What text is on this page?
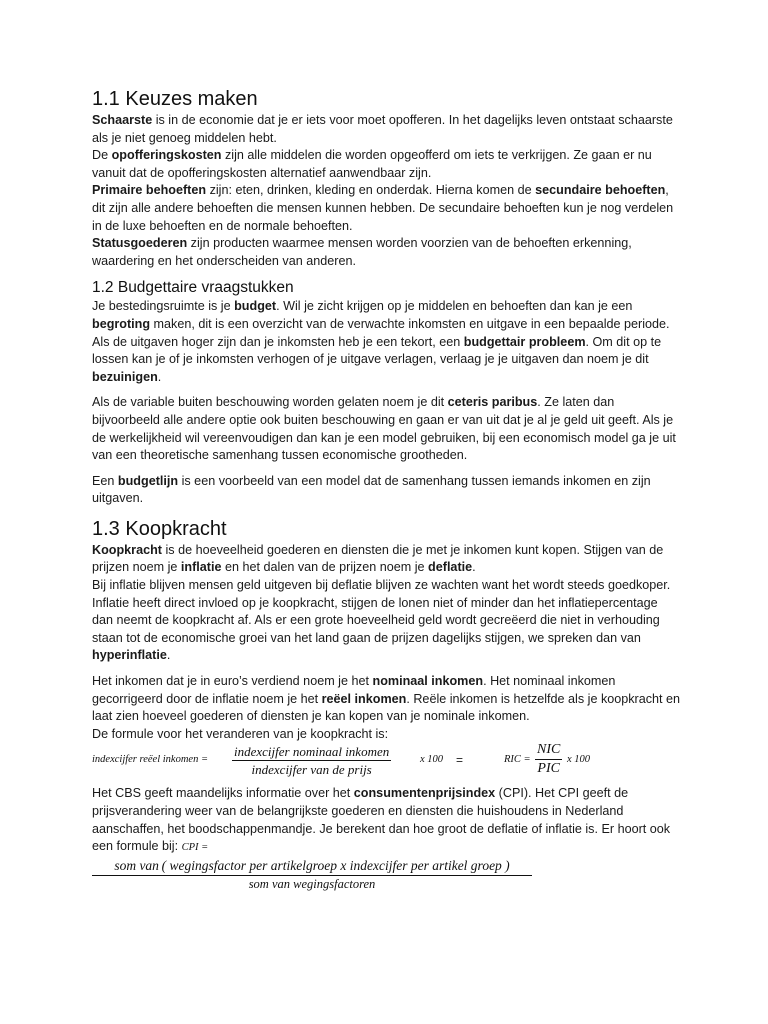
1.1 Keuzes maken

Schaarste is in de economie dat je er iets voor moet opofferen. In het dagelijks leven ontstaat schaarste als je niet genoeg middelen hebt.

De opofferingskosten zijn alle middelen die worden opgeofferd om iets te verkrijgen. Ze gaan er nu vanuit dat de opofferingskosten alternatief aanwendbaar zijn.

Primaire behoeften zijn: eten, drinken, kleding en onderdak. Hierna komen de secundaire behoeften, dit zijn alle andere behoeften die mensen kunnen hebben. De secundaire behoeften kun je nog verdelen in de luxe behoeften en de normale behoeften.

Statusgoederen zijn producten waarmee mensen worden voorzien van de behoeften erkenning, waardering en het onderscheiden van anderen.

1.2 Budgettaire vraagstukken

Je bestedingsruimte is je budget. Wil je zicht krijgen op je middelen en behoeften dan kan je een begroting maken, dit is een overzicht van de verwachte inkomsten en uitgave in een bepaalde periode. Als de uitgaven hoger zijn dan je inkomsten heb je een tekort, een budgettair probleem. Om dit op te lossen kan je of je inkomsten verhogen of je uitgave verlagen, verlaag je je uitgaven dan noem je dit bezuinigen.

Als de variable buiten beschouwing worden gelaten noem je dit ceteris paribus. Ze laten dan bijvoorbeeld alle andere optie ook buiten beschouwing en gaan er van uit dat je al je geld uit geeft. Als je de werkelijkheid wil vereenvoudigen dan kan je een model gebruiken, bij een economisch model ga je uit van een theoretische samenhang tussen economische grootheden.

Een budgetlijn is een voorbeeld van een model dat de samenhang tussen iemands inkomen en zijn uitgaven.

1.3 Koopkracht

Koopkracht is de hoeveelheid goederen en diensten die je met je inkomen kunt kopen. Stijgen van de prijzen noem je inflatie en het dalen van de prijzen noem je deflatie.

Bij inflatie blijven mensen geld uitgeven bij deflatie blijven ze wachten want het wordt steeds goedkoper. Inflatie heeft direct invloed op je koopkracht, stijgen de lonen niet of minder dan het inflatiepercentage dan neemt de koopkracht af. Als er een grote hoeveelheid geld wordt gecreëerd die niet in verhouding staan tot de economische groei van het land gaan de prijzen dagelijks stijgen, we spreken dan van hyperinflatie.

Het inkomen dat je in euro’s verdiend noem je het nominaal inkomen. Het nominaal inkomen gecorrigeerd door de inflatie noem je het reëel inkomen. Reële inkomen is hetzelfde als je koopkracht en laat zien hoeveel goederen of diensten je kan kopen van je nominale inkomen.

De formule voor het veranderen van je koopkracht is:

indexcijfer reëel inkomen =
indexcijfer nominaal inkomen
indexcijfer van de prijs
x 100 =	RIC =
NIC
PIC
x 100

Het CBS geeft maandelijks informatie over het consumentenprijsindex (CPI). Het CPI geeft de prijsverandering weer van de belangrijkste goederen en diensten die huishoudens in Nederland aanschaffen, het boodschappenmandje. Je berekent dan hoe groot de deflatie of inflatie is. Er hoort ook een formule bij: CPI =

som van ( wegingsfactor per artikelgroep x indexcijfer per artikel groep )
som van wegingsfactoren
